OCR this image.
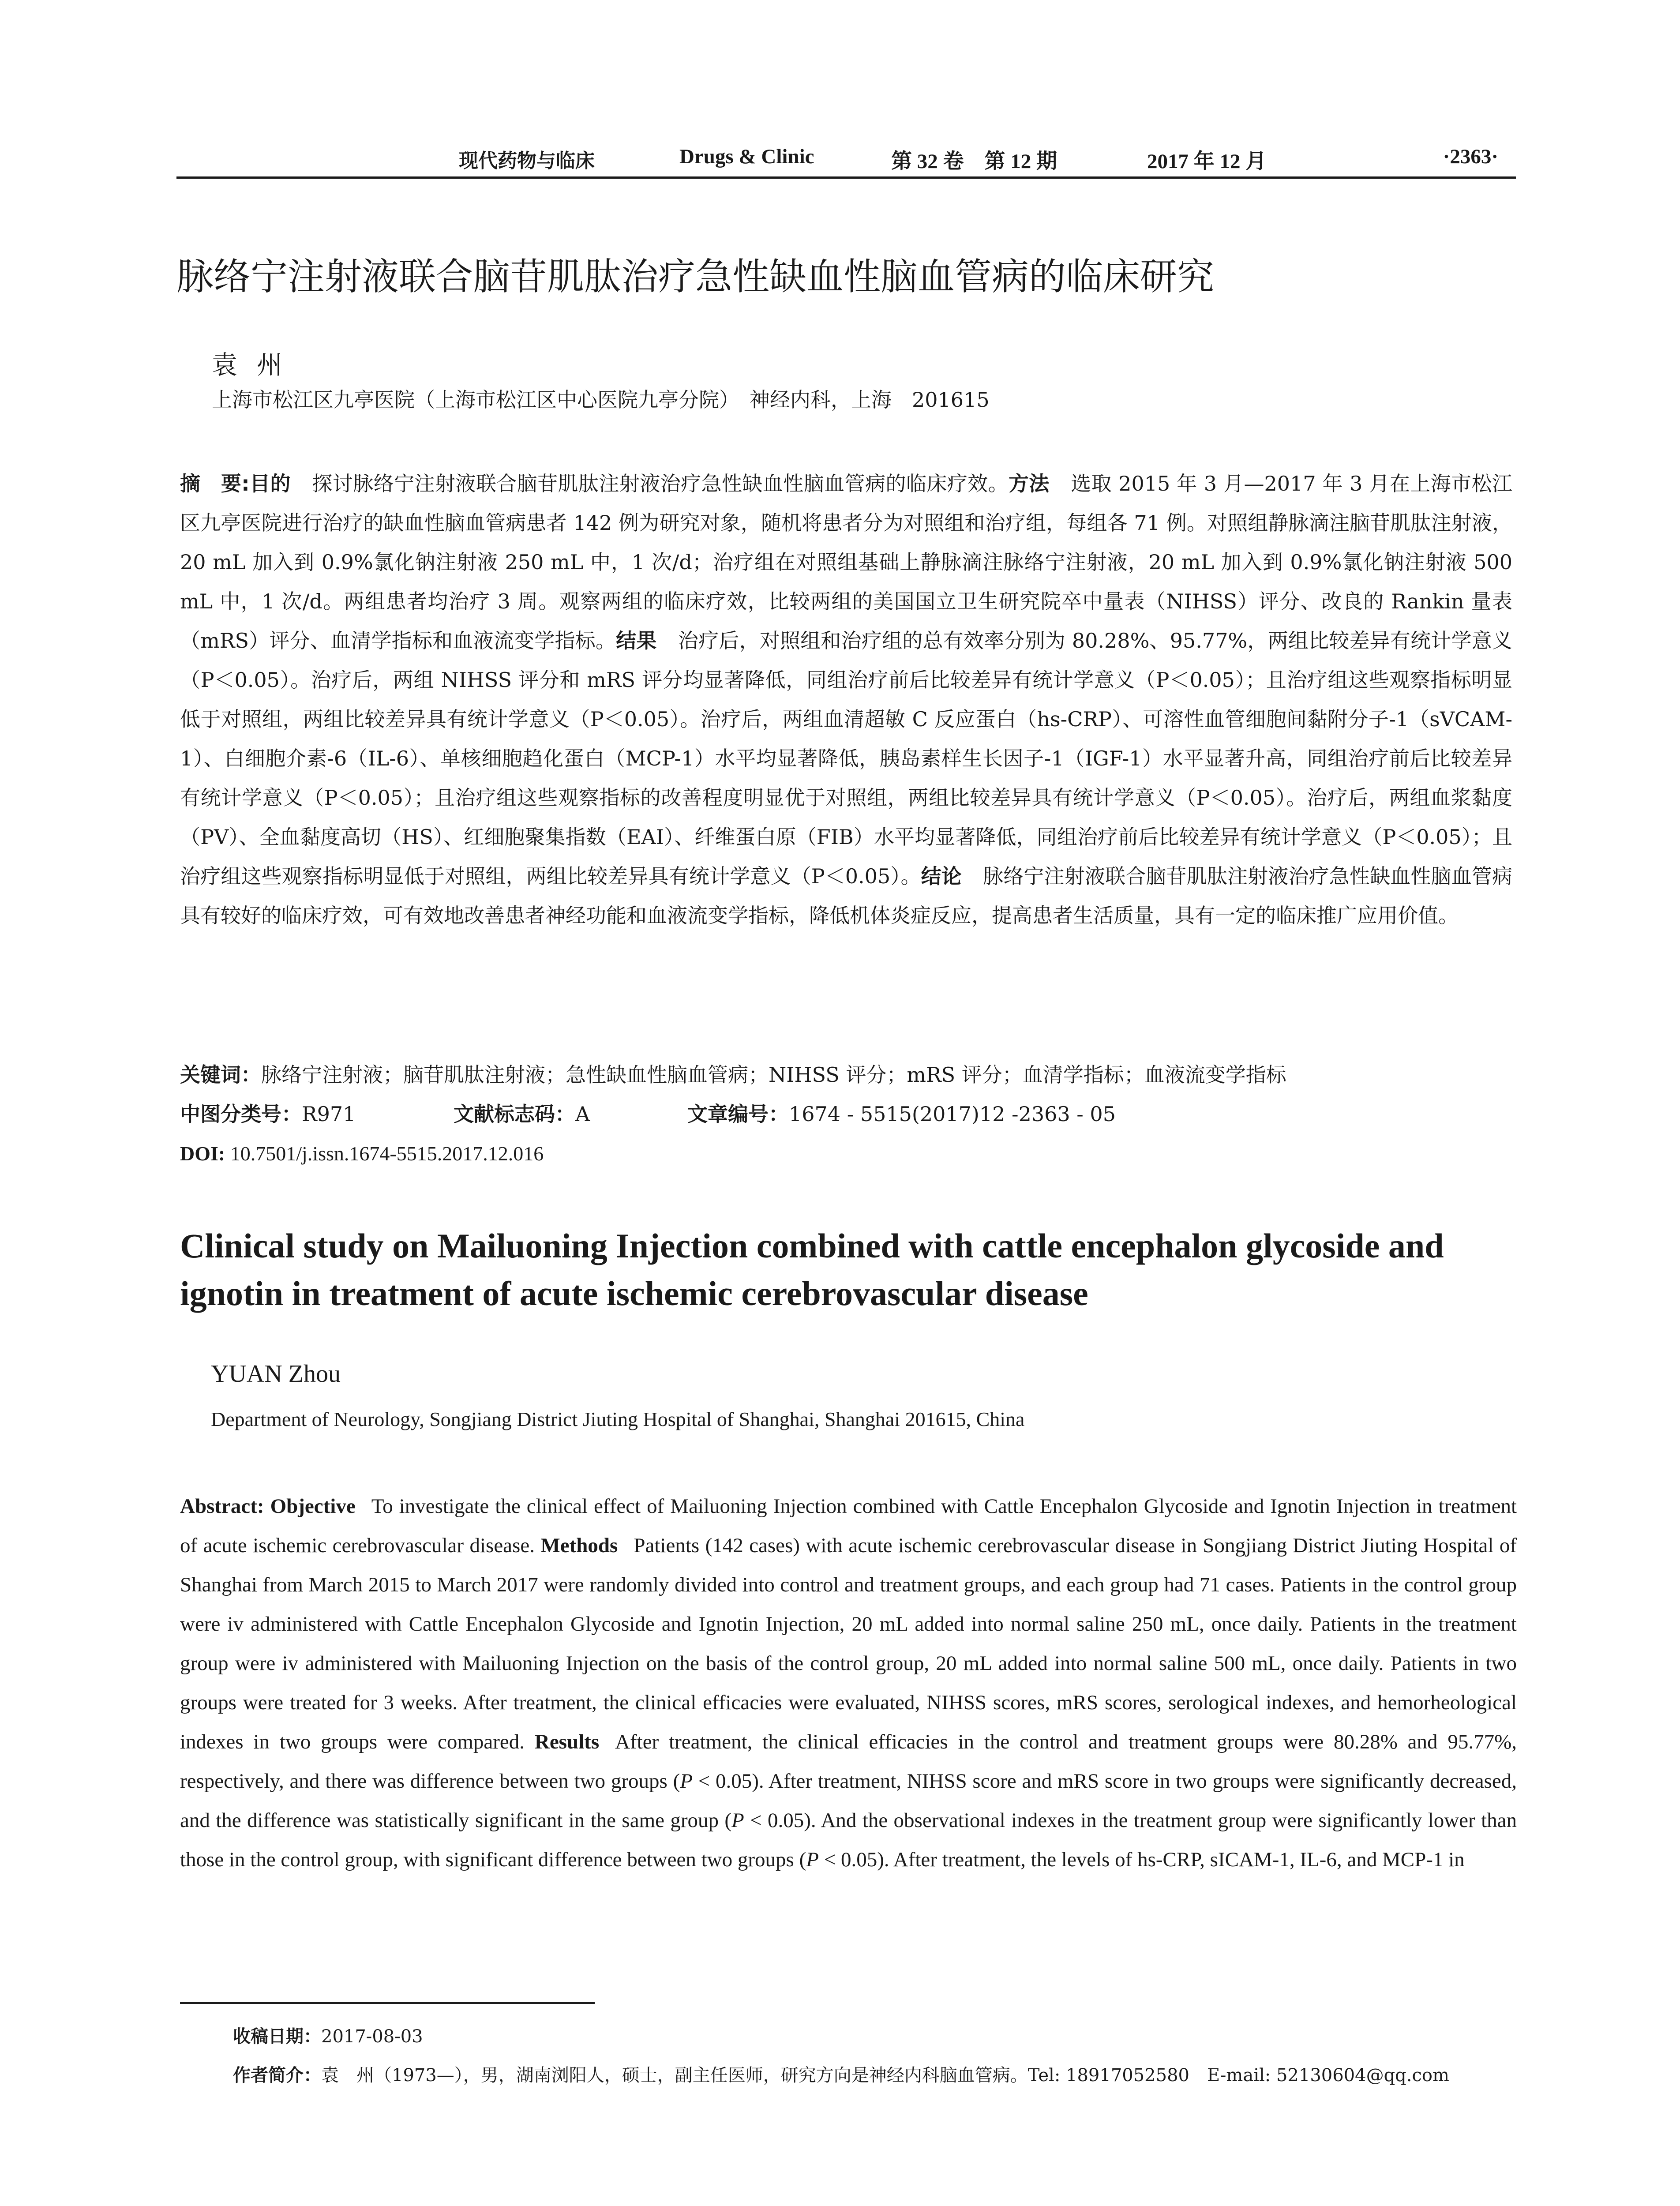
现代药物与临床	Drugs & Clinic	第 32 卷　第 12 期	2017 年 12 月	·2363·
脉络宁注射液联合脑苷肌肽治疗急性缺血性脑血管病的临床研究
袁州
上海市松江区九亭医院（上海市松江区中心医院九亭分院）　神经内科，上海　201615
摘　要:目的 探讨脉络宁注射液联合脑苷肌肽注射液治疗急性缺血性脑血管病的临床疗效。方法 选取 2015 年 3 月—2017 年 3 月在上海市松江区九亭医院进行治疗的缺血性脑血管病患者 142 例为研究对象，随机将患者分为对照组和治疗组，每组各 71 例。对照组静脉滴注脑苷肌肽注射液，20 mL 加入到 0.9%氯化钠注射液 250 mL 中，1 次/d；治疗组在对照组基础上静脉滴注脉络宁注射液，20 mL 加入到 0.9%氯化钠注射液 500 mL 中，1 次/d。两组患者均治疗 3 周。观察两组的临床疗效，比较两组的美国国立卫生研究院卒中量表（NIHSS）评分、改良的 Rankin 量表（mRS）评分、血清学指标和血液流变学指标。结果 治疗后，对照组和治疗组的总有效率分别为 80.28%、95.77%，两组比较差异有统计学意义（P＜0.05）。治疗后，两组 NIHSS 评分和 mRS 评分均显著降低，同组治疗前后比较差异有统计学意义（P＜0.05）；且治疗组这些观察指标明显低于对照组，两组比较差异具有统计学意义（P＜0.05）。治疗后，两组血清超敏 C 反应蛋白（hs-CRP）、可溶性血管细胞间黏附分子-1（sVCAM-1）、白细胞介素-6（IL-6）、单核细胞趋化蛋白（MCP-1）水平均显著降低，胰岛素样生长因子-1（IGF-1）水平显著升高，同组治疗前后比较差异有统计学意义（P＜0.05）；且治疗组这些观察指标的改善程度明显优于对照组，两组比较差异具有统计学意义（P＜0.05）。治疗后，两组血浆黏度（PV）、全血黏度高切（HS）、红细胞聚集指数（EAI）、纤维蛋白原（FIB）水平均显著降低，同组治疗前后比较差异有统计学意义（P＜0.05）；且治疗组这些观察指标明显低于对照组，两组比较差异具有统计学意义（P＜0.05）。结论 脉络宁注射液联合脑苷肌肽注射液治疗急性缺血性脑血管病具有较好的临床疗效，可有效地改善患者神经功能和血液流变学指标，降低机体炎症反应，提高患者生活质量，具有一定的临床推广应用价值。
关键词：脉络宁注射液；脑苷肌肽注射液；急性缺血性脑血管病；NIHSS 评分；mRS 评分；血清学指标；血液流变学指标
中图分类号：R971	文献标志码：A	文章编号：1674 - 5515(2017)12 -2363 - 05
DOI: 10.7501/j.issn.1674-5515.2017.12.016
Clinical study on Mailuoning Injection combined with cattle encephalon glycoside and ignotin in treatment of acute ischemic cerebrovascular disease
YUAN Zhou
Department of Neurology, Songjiang District Jiuting Hospital of Shanghai, Shanghai 201615, China
Abstract: Objective To investigate the clinical effect of Mailuoning Injection combined with Cattle Encephalon Glycoside and Ignotin Injection in treatment of acute ischemic cerebrovascular disease. Methods Patients (142 cases) with acute ischemic cerebrovascular disease in Songjiang District Jiuting Hospital of Shanghai from March 2015 to March 2017 were randomly divided into control and treatment groups, and each group had 71 cases. Patients in the control group were iv administered with Cattle Encephalon Glycoside and Ignotin Injection, 20 mL added into normal saline 250 mL, once daily. Patients in the treatment group were iv administered with Mailuoning Injection on the basis of the control group, 20 mL added into normal saline 500 mL, once daily. Patients in two groups were treated for 3 weeks. After treatment, the clinical efficacies were evaluated, NIHSS scores, mRS scores, serological indexes, and hemorheological indexes in two groups were compared. Results After treatment, the clinical efficacies in the control and treatment groups were 80.28% and 95.77%, respectively, and there was difference between two groups (P < 0.05). After treatment, NIHSS score and mRS score in two groups were significantly decreased, and the difference was statistically significant in the same group (P < 0.05). And the observational indexes in the treatment group were significantly lower than those in the control group, with significant difference between two groups (P < 0.05). After treatment, the levels of hs-CRP, sICAM-1, IL-6, and MCP-1 in
收稿日期：2017-08-03
作者简介：袁　州（1973—），男，湖南浏阳人，硕士，副主任医师，研究方向是神经内科脑血管病。Tel: 18917052580　E-mail: 52130604@qq.com
